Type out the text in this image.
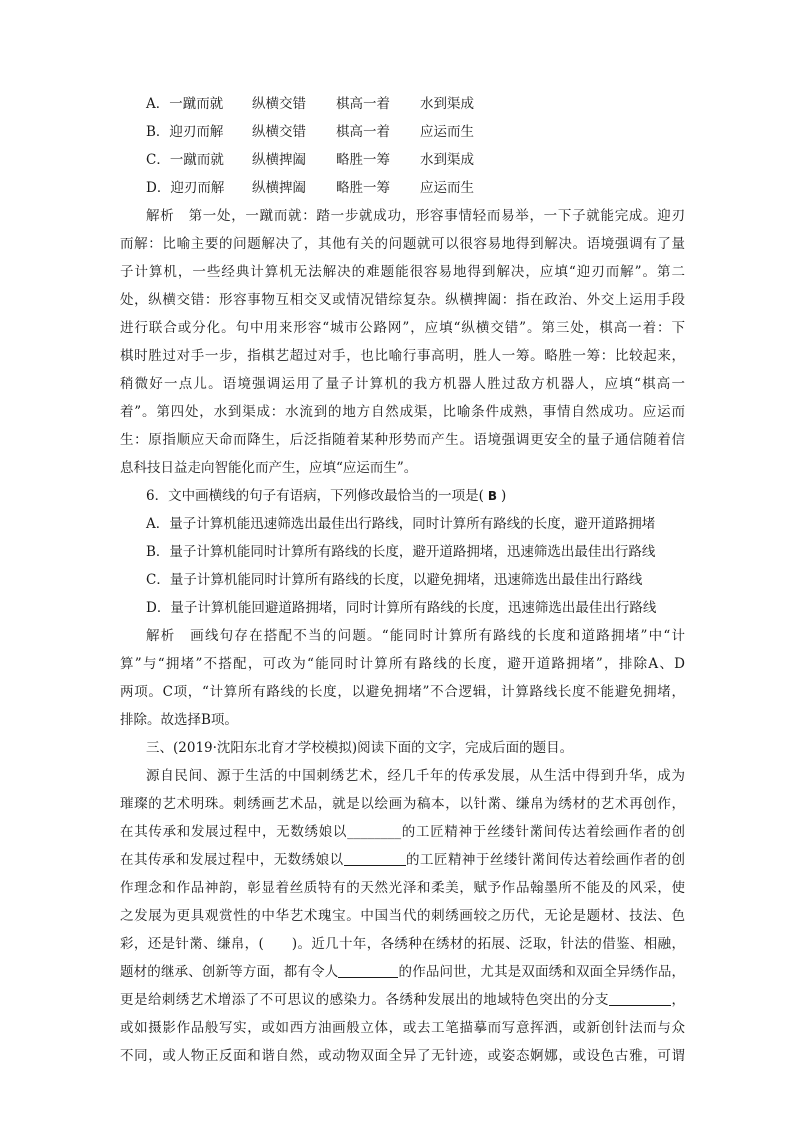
A．一蹴而就 纵横交错 棋高一着 水到渠成
B．迎刃而解 纵横交错 棋高一着 应运而生
C．一蹴而就 纵横捭阖 略胜一筹 水到渠成
D．迎刃而解 纵横捭阖 略胜一筹 应运而生
解析　第一处，一蹴而就：踏一步就成功，形容事情轻而易举，一下子就能完成。迎刃
而解：比喻主要的问题解决了，其他有关的问题就可以很容易地得到解决。语境强调有了量
子计算机，一些经典计算机无法解决的难题能很容易地得到解决，应填“迎刃而解”。第二
处，纵横交错：形容事物互相交叉或情况错综复杂。纵横捭阖：指在政治、外交上运用手段
进行联合或分化。句中用来形容“城市公路网”，应填“纵横交错”。第三处，棋高一着：下
棋时胜过对手一步，指棋艺超过对手，也比喻行事高明，胜人一筹。略胜一筹：比较起来，
稍微好一点儿。语境强调运用了量子计算机的我方机器人胜过敌方机器人，应填“棋高一
着”。第四处，水到渠成：水流到的地方自然成渠，比喻条件成熟，事情自然成功。应运而
生：原指顺应天命而降生，后泛指随着某种形势而产生。语境强调更安全的量子通信随着信
息科技日益走向智能化而产生，应填“应运而生”。
6．文中画横线的句子有语病，下列修改最恰当的一项是( B )
A．量子计算机能迅速筛选出最佳出行路线，同时计算所有路线的长度，避开道路拥堵
B．量子计算机能同时计算所有路线的长度，避开道路拥堵，迅速筛选出最佳出行路线
C．量子计算机能同时计算所有路线的长度，以避免拥堵，迅速筛选出最佳出行路线
D．量子计算机能回避道路拥堵，同时计算所有路线的长度，迅速筛选出最佳出行路线
解析　画线句存在搭配不当的问题。“能同时计算所有路线的长度和道路拥堵”中“计
算”与“拥堵”不搭配，可改为“能同时计算所有路线的长度，避开道路拥堵”，排除A、D
两项。C项，“计算所有路线的长度，以避免拥堵”不合逻辑，计算路线长度不能避免拥堵，
排除。故选择B项。
三、(2019·沈阳东北育才学校模拟)阅读下面的文字，完成后面的题目。
源自民间、源于生活的中国刺绣艺术，经几千年的传承发展，从生活中得到升华，成为
璀璨的艺术明珠。刺绣画艺术品，就是以绘画为稿本，以针黹、缣帛为绣材的艺术再创作，
在其传承和发展过程中，无数绣娘以________的工匠精神于丝缕针黹间传达着绘画作者的创
在其传承和发展过程中，无数绣娘以	的工匠精神于丝缕针黹间传达着绘画作者的创
作理念和作品神韵，彰显着丝质特有的天然光泽和柔美，赋予作品翰墨所不能及的风采，使
之发展为更具观赏性的中华艺术瑰宝。中国当代的刺绣画较之历代，无论是题材、技法、色
彩，还是针黹、缣帛，(　　)。近几十年，各绣种在绣材的拓展、泛取，针法的借鉴、相融，
题材的继承、创新等方面，都有令人	的作品问世，尤其是双面绣和双面全异绣作品，
更是给刺绣艺术增添了不可思议的感染力。各绣种发展出的地域特色突出的分支	，
或如摄影作品般写实，或如西方油画般立体，或去工笔描摹而写意挥洒，或新创针法而与众
不同，或人物正反面和谐自然，或动物双面全异了无针迹，或姿态婀娜，或设色古雅，可谓
